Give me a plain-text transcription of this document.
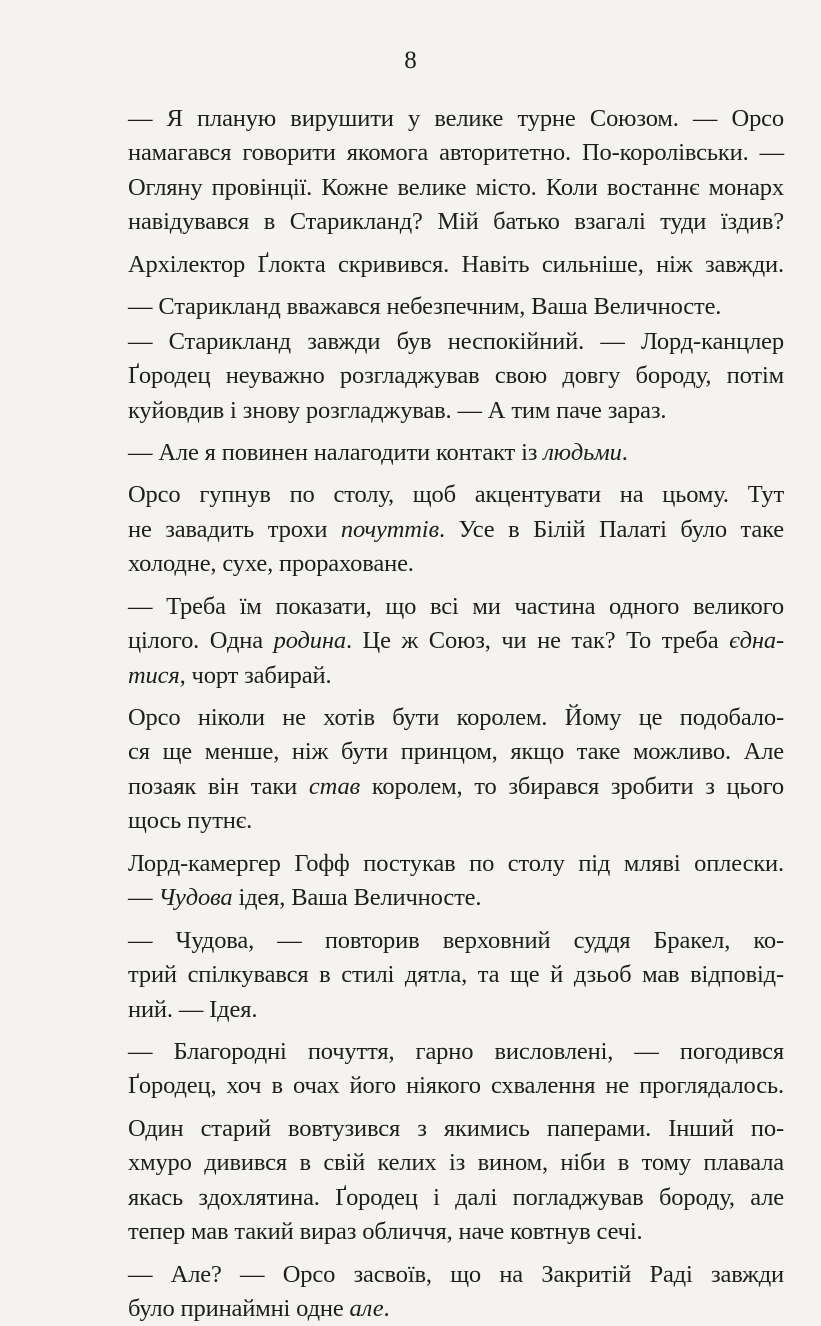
8
— Я планую вирушити у велике турне Союзом. — Орсо
намагався говорити якомога авторитетно. По-королівськи. —
Огляну провінції. Кожне велике місто. Коли востаннє монарх
навідувався в Старикланд? Мій батько взагалі туди їздив?
Архілектор Ґлокта скривився. Навіть сильніше, ніж завжди.
— Старикланд вважався небезпечним, Ваша Величносте.
— Старикланд завжди був неспокійний. — Лорд-канцлер
Ґородец неуважно розгладжував свою довгу бороду, потім
куйовдив і знову розгладжував. — А тим паче зараз.
— Але я повинен налагодити контакт із людьми.
Орсо гупнув по столу, щоб акцентувати на цьому. Тут
не завадить трохи почуттів. Усе в Білій Палаті було таке
холодне, сухе, прораховане.
— Треба їм показати, що всі ми частина одного великого
цілого. Одна родина. Це ж Союз, чи не так? То треба єдна-
тися, чорт забирай.
Орсо ніколи не хотів бути королем. Йому це подобало-
ся ще менше, ніж бути принцом, якщо таке можливо. Але
позаяк він таки став королем, то збирався зробити з цього
щось путнє.
Лорд-камергер Гофф постукав по столу під мляві оплески.
— Чудова ідея, Ваша Величносте.
— Чудова, — повторив верховний суддя Бракел, ко-
трий спілкувався в стилі дятла, та ще й дзьоб мав відповід-
ний. — Ідея.
— Благородні почуття, гарно висловлені, — погодився
Ґородец, хоч в очах його ніякого схвалення не проглядалось.
Один старий вовтузився з якимись паперами. Інший по-
хмуро дивився в свій келих із вином, ніби в тому плавала
якась здохлятина. Ґородец і далі погладжував бороду, але
тепер мав такий вираз обличчя, наче ковтнув сечі.
— Але? — Орсо засвоїв, що на Закритій Раді завжди
було принаймні одне але.
